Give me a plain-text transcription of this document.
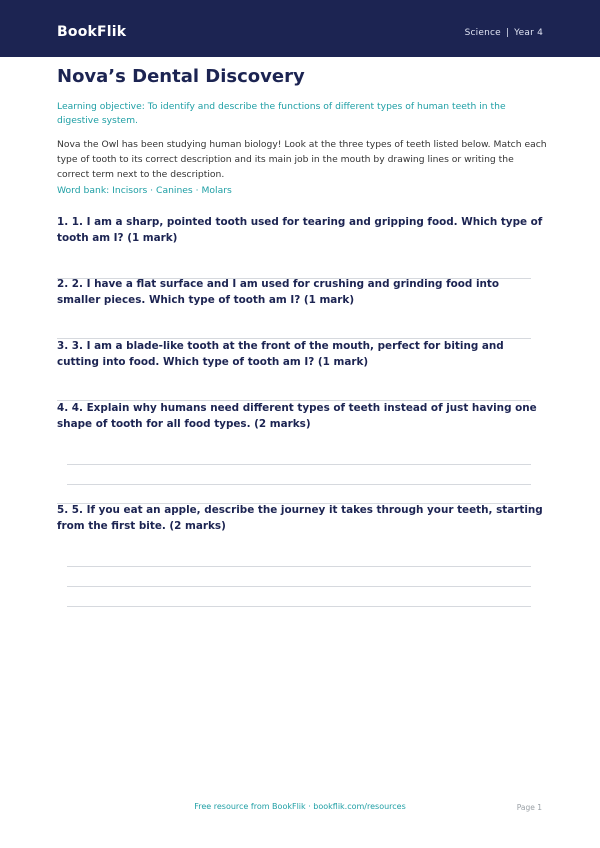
BookFlik	Science | Year 4
Nova’s Dental Discovery

Learning objective: To identify and describe the functions of different types of human teeth in the digestive system.

Nova the Owl has been studying human biology! Look at the three types of teeth listed below. Match each type of tooth to its correct description and its main job in the mouth by drawing lines or writing the correct term next to the description.

Word bank: Incisors · Canines · Molars

1. 1. I am a sharp, pointed tooth used for tearing and gripping food. Which type of tooth am I? (1 mark)

2. 2. I have a flat surface and I am used for crushing and grinding food into smaller pieces. Which type of tooth am I? (1 mark)

3. 3. I am a blade-like tooth at the front of the mouth, perfect for biting and cutting into food. Which type of tooth am I? (1 mark)

4. 4. Explain why humans need different types of teeth instead of just having one shape of tooth for all food types. (2 marks)

5. 5. If you eat an apple, describe the journey it takes through your teeth, starting from the first bite. (2 marks)

Free resource from BookFlik · bookflik.com/resources	Page 1
